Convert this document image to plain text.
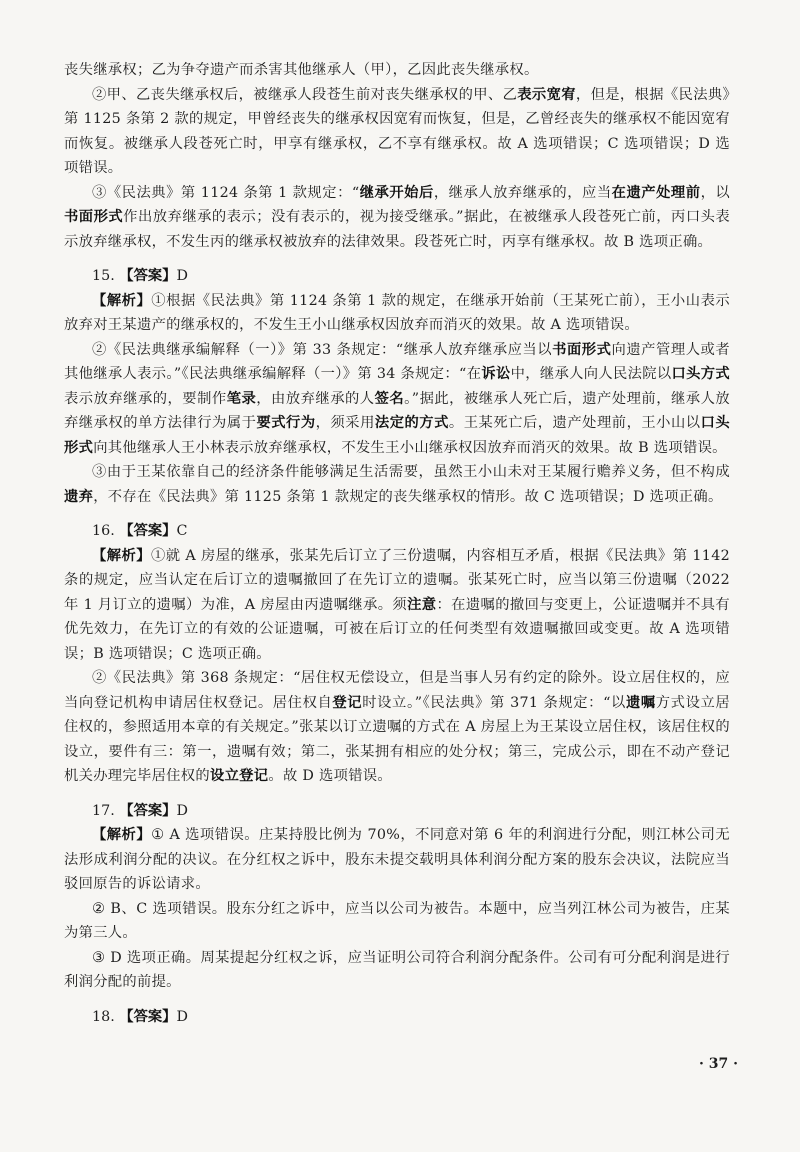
丧失继承权；乙为争夺遗产而杀害其他继承人（甲），乙因此丧失继承权。

②甲、乙丧失继承权后，被继承人段苍生前对丧失继承权的甲、乙表示宽宥，但是，根据《民法典》第 1125 条第 2 款的规定，甲曾经丧失的继承权因宽宥而恢复，但是，乙曾经丧失的继承权不能因宽宥而恢复。被继承人段苍死亡时，甲享有继承权，乙不享有继承权。故 A 选项错误；C 选项错误；D 选项错误。

③《民法典》第 1124 条第 1 款规定：“继承开始后，继承人放弃继承的，应当在遗产处理前，以书面形式作出放弃继承的表示；没有表示的，视为接受继承。”据此，在被继承人段苍死亡前，丙口头表示放弃继承权，不发生丙的继承权被放弃的法律效果。段苍死亡时，丙享有继承权。故 B 选项正确。

15. 【答案】D

【解析】①根据《民法典》第 1124 条第 1 款的规定，在继承开始前（王某死亡前），王小山表示放弃对王某遗产的继承权的，不发生王小山继承权因放弃而消灭的效果。故 A 选项错误。

②《民法典继承编解释（一）》第 33 条规定：“继承人放弃继承应当以书面形式向遗产管理人或者其他继承人表示。”《民法典继承编解释（一）》第 34 条规定：“在诉讼中，继承人向人民法院以口头方式表示放弃继承的，要制作笔录，由放弃继承的人签名。”据此，被继承人死亡后，遗产处理前，继承人放弃继承权的单方法律行为属于要式行为，须采用法定的方式。王某死亡后，遗产处理前，王小山以口头形式向其他继承人王小林表示放弃继承权，不发生王小山继承权因放弃而消灭的效果。故 B 选项错误。

③由于王某依靠自己的经济条件能够满足生活需要，虽然王小山未对王某履行赡养义务，但不构成遗弃，不存在《民法典》第 1125 条第 1 款规定的丧失继承权的情形。故 C 选项错误；D 选项正确。

16. 【答案】C

【解析】①就 A 房屋的继承，张某先后订立了三份遗嘱，内容相互矛盾，根据《民法典》第 1142 条的规定，应当认定在后订立的遗嘱撤回了在先订立的遗嘱。张某死亡时，应当以第三份遗嘱（2022 年 1 月订立的遗嘱）为准，A 房屋由丙遗嘱继承。须注意：在遗嘱的撤回与变更上，公证遗嘱并不具有优先效力，在先订立的有效的公证遗嘱，可被在后订立的任何类型有效遗嘱撤回或变更。故 A 选项错误；B 选项错误；C 选项正确。

②《民法典》第 368 条规定：“居住权无偿设立，但是当事人另有约定的除外。设立居住权的，应当向登记机构申请居住权登记。居住权自登记时设立。”《民法典》第 371 条规定：“以遗嘱方式设立居住权的，参照适用本章的有关规定。”张某以订立遗嘱的方式在 A 房屋上为王某设立居住权，该居住权的设立，要件有三：第一，遗嘱有效；第二，张某拥有相应的处分权；第三，完成公示，即在不动产登记机关办理完毕居住权的设立登记。故 D 选项错误。

17. 【答案】D

【解析】① A 选项错误。庄某持股比例为 70%，不同意对第 6 年的利润进行分配，则江林公司无法形成利润分配的决议。在分红权之诉中，股东未提交载明具体利润分配方案的股东会决议，法院应当驳回原告的诉讼请求。

② B、C 选项错误。股东分红之诉中，应当以公司为被告。本题中，应当列江林公司为被告，庄某为第三人。

③ D 选项正确。周某提起分红权之诉，应当证明公司符合利润分配条件。公司有可分配利润是进行利润分配的前提。

18. 【答案】D

· 37 ·
